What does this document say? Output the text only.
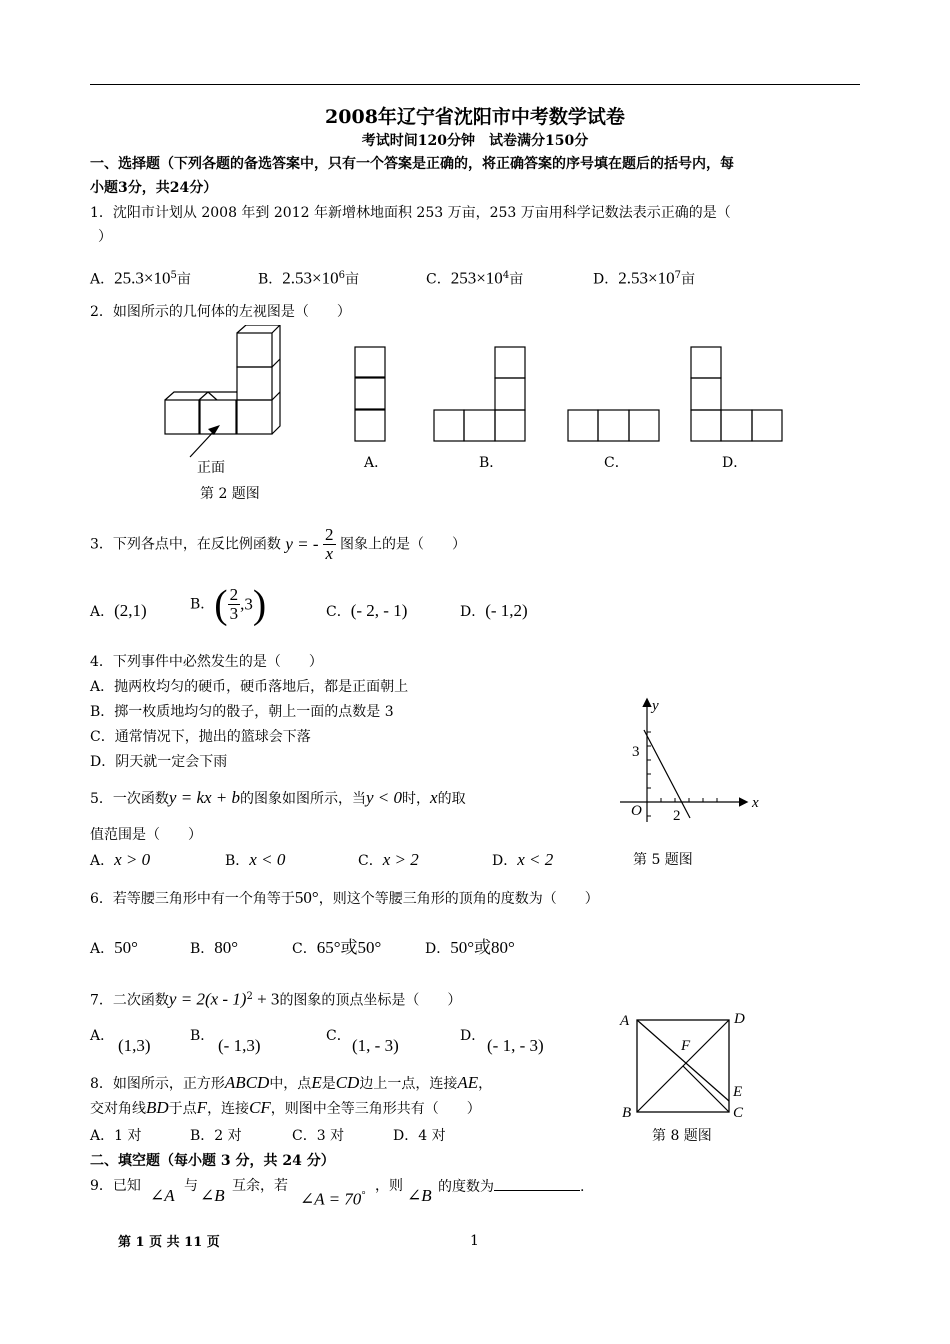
2008年辽宁省沈阳市中考数学试卷
考试时间120分钟　试卷满分150分
一、选择题（下列各题的备选答案中，只有一个答案是正确的，将正确答案的序号填在题后的括号内，每
小题3分，共24分）
1．沈阳市计划从 2008 年到 2012 年新增林地面积 253 万亩，253 万亩用科学记数法表示正确的是（
）
A．$25.3\times 10^5$亩	B．$2.53\times 10^6$亩	C．$253\times 10^4$亩	D．$2.53\times 10^7$亩
2．如图所示的几何体的左视图是（　　）
正面
第 2 题图
A．	B．	C．	D．
3．下列各点中，在反比例函数 y = - $\frac{2}{x}$ 图象上的是（　　）
A．(2,1)	B．( $\frac{2}{3} ,3$)	C．(- 2, - 1)	D．(- 1,2)
4．下列事件中必然发生的是（　　）
A．抛两枚均匀的硬币，硬币落地后，都是正面朝上
B．掷一枚质地均匀的骰子，朝上一面的点数是 3
C．通常情况下，抛出的篮球会下落
D．阴天就一定会下雨
y
x
O
3
2
第 5 题图
5．一次函数y = kx + b的图象如图所示，当y < 0时，x的取
值范围是（　　）
A．x > 0	B．x < 0	C．x > 2	D．x < 2
6．若等腰三角形中有一个角等于50°，则这个等腰三角形的顶角的度数为（　　）
A．50°	B．80°	C．65°或50°	D．50°或80°
7．二次函数y = 2(x - 1)$^2$ + 3的图象的顶点坐标是（　　）
A． (1,3)	B． (- 1,3)	C． (1, - 3)	D． (- 1, - 3)
A	D
B	C
E
F
第 8 题图
8．如图所示，正方形ABCD中，点E是CD边上一点，连接AE，
交对角线BD于点F，连接CF，则图中全等三角形共有（　　）
A．1 对	B．2 对	C．3 对	D．4 对
二、填空题（每小题 3 分，共 24 分）
9．已知 ∠A 与 ∠B 互余，若
∠A = 70°
，则 ∠B 的度数为	.
第 1 页 共 11 页	1
